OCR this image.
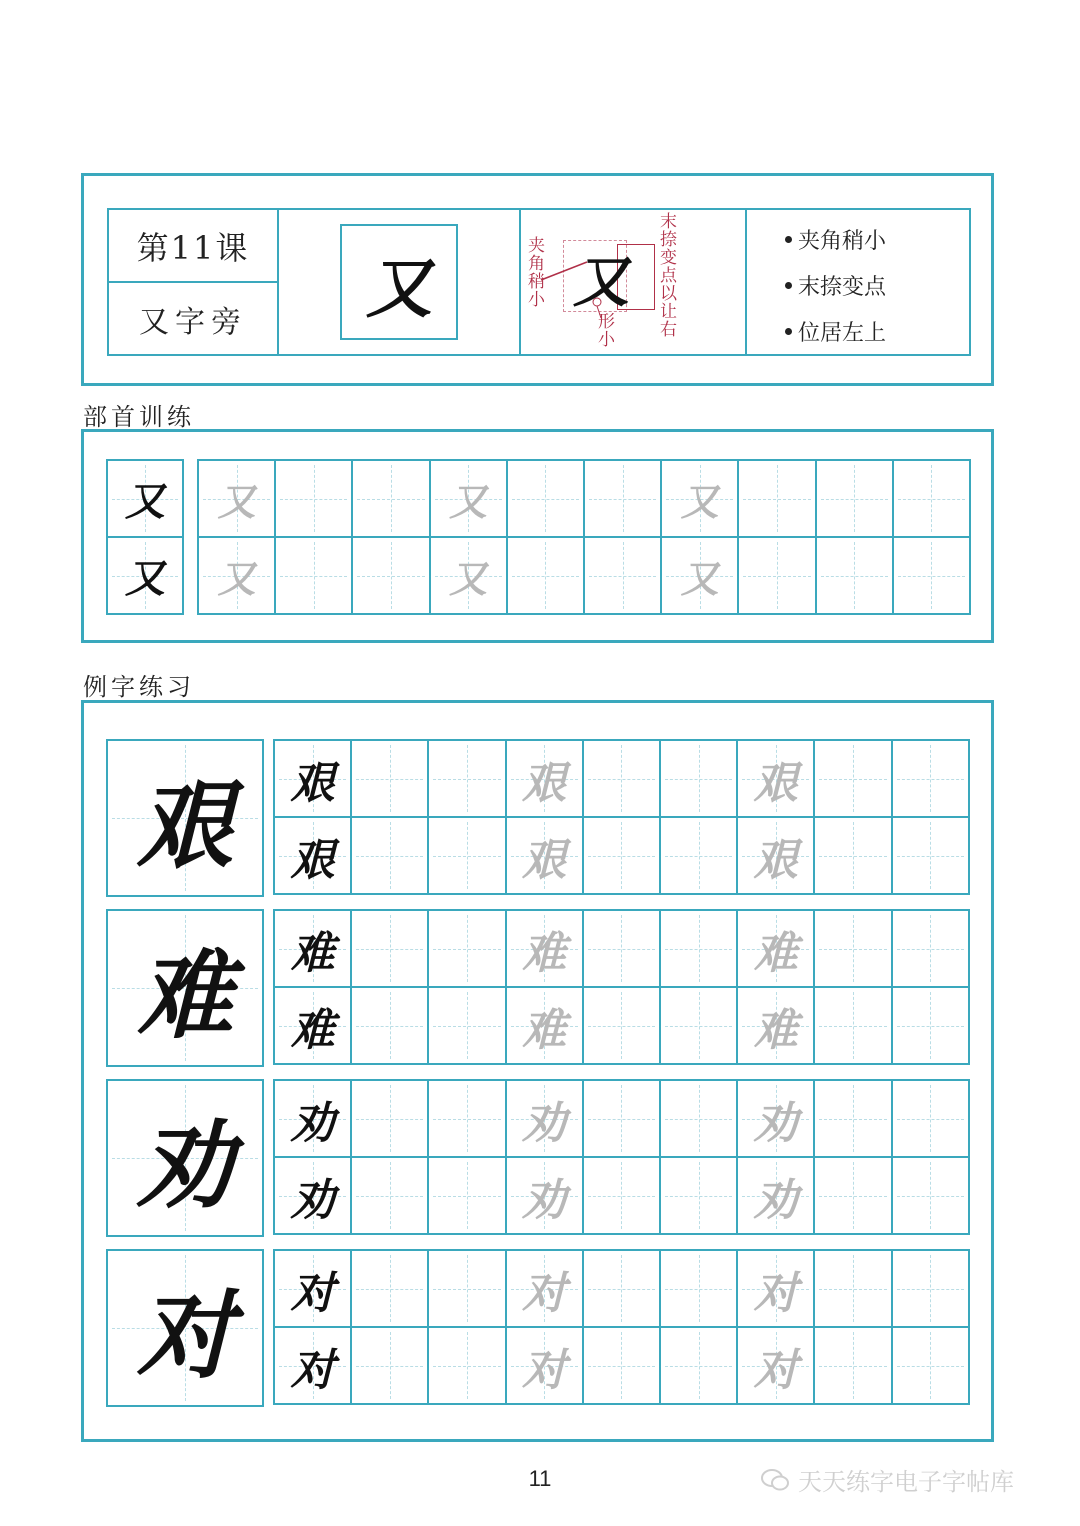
第11课
又字旁 又	夹角稍小 又
形小 末捺变点以让右	夹角稍小
末捺变点
位居左上
部首训练
又
又
又	又	又
又	又	又
例字练习
艰 艰	艰	艰
艰	艰	艰
难 难	难	难
难	难	难
劝 劝	劝	劝
劝	劝	劝
对 对	对	对
对	对	对
11	天天练字电子字帖库
